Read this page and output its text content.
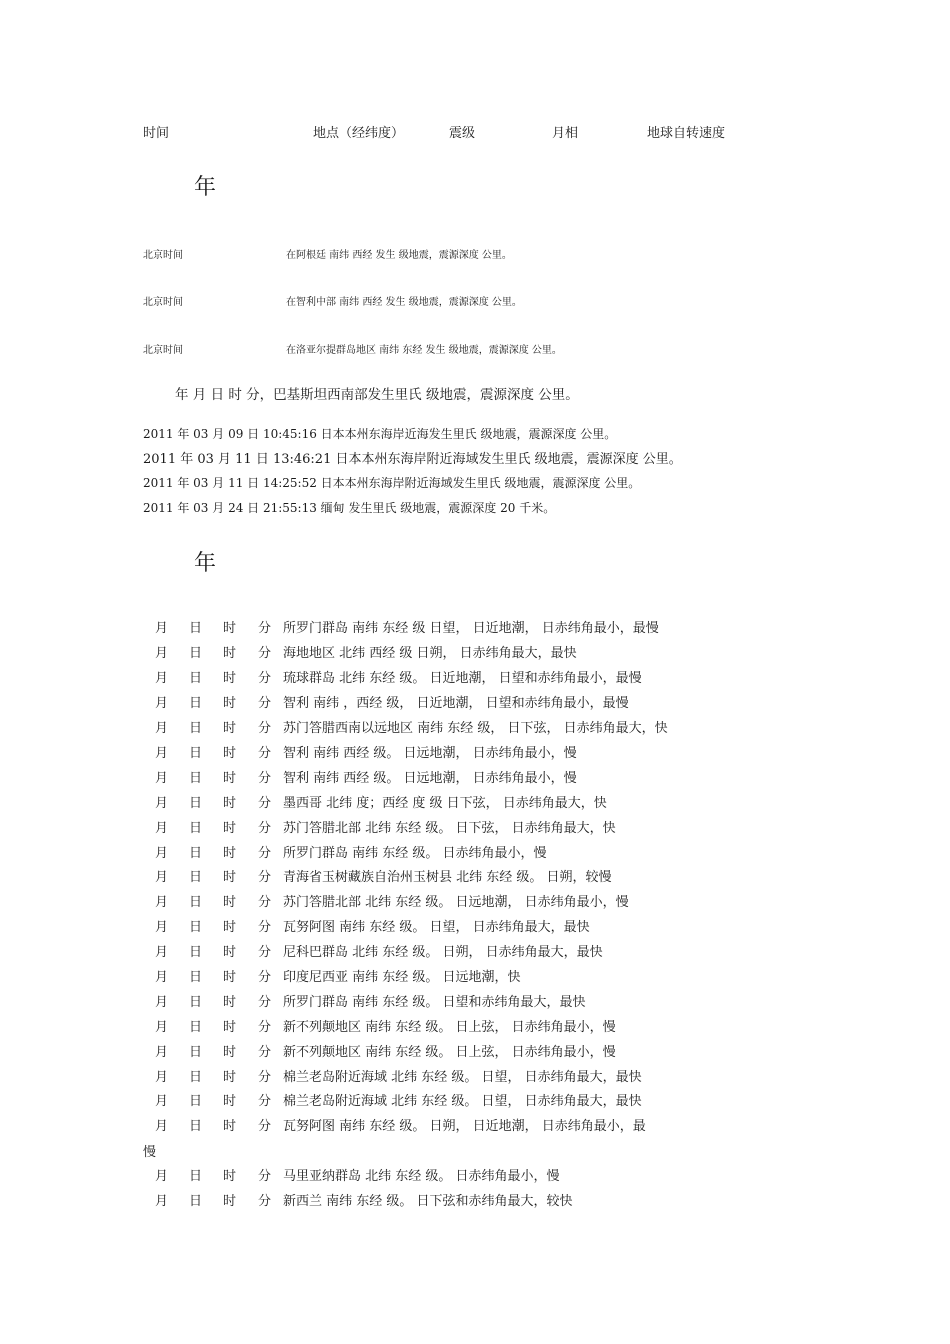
时间	地点（经纬度）	震级	月相	地球自转速度
年
北京时间	在阿根廷 南纬 西经 发生 级地震，震源深度 公里。
北京时间	在智利中部 南纬 西经 发生 级地震，震源深度 公里。
北京时间	在洛亚尔提群岛地区 南纬 东经 发生 级地震，震源深度 公里。
年 月 日 时 分，巴基斯坦西南部发生里氏 级地震，震源深度 公里。
2011 年 03 月 09 日 10:45:16 日本本州东海岸近海发生里氏 级地震，震源深度 公里。
2011 年 03 月 11 日 13:46:21 日本本州东海岸附近海域发生里氏 级地震，震源深度 公里。
2011 年 03 月 11 日 14:25:52 日本本州东海岸附近海域发生里氏 级地震，震源深度 公里。
2011 年 03 月 24 日 21:55:13 缅甸 发生里氏 级地震，震源深度 20 千米。
年
月 日 时 分 所罗门群岛 南纬 东经 级 日望， 日近地潮， 日赤纬角最小，最慢
月 日 时 分 海地地区 北纬 西经 级 日朔， 日赤纬角最大，最快
月 日 时 分 琉球群岛 北纬 东经 级。 日近地潮， 日望和赤纬角最小，最慢
月 日 时 分 智利 南纬 ，西经 级， 日近地潮， 日望和赤纬角最小，最慢
月 日 时 分 苏门答腊西南以远地区 南纬 东经 级， 日下弦， 日赤纬角最大，快
月 日 时 分 智利 南纬 西经 级。 日远地潮， 日赤纬角最小，慢
月 日 时 分 智利 南纬 西经 级。 日远地潮， 日赤纬角最小，慢
月 日 时 分 墨西哥 北纬 度；西经 度 级 日下弦， 日赤纬角最大，快
月 日 时 分 苏门答腊北部 北纬 东经 级。 日下弦， 日赤纬角最大，快
月 日 时 分 所罗门群岛 南纬 东经 级。 日赤纬角最小，慢
月 日 时 分 青海省玉树藏族自治州玉树县 北纬 东经 级。 日朔，较慢
月 日 时 分 苏门答腊北部 北纬 东经 级。 日远地潮， 日赤纬角最小，慢
月 日 时 分 瓦努阿图 南纬 东经 级。 日望， 日赤纬角最大，最快
月 日 时 分 尼科巴群岛 北纬 东经 级。 日朔， 日赤纬角最大，最快
月 日 时 分 印度尼西亚 南纬 东经 级。 日远地潮，快
月 日 时 分 所罗门群岛 南纬 东经 级。 日望和赤纬角最大，最快
月 日 时 分 新不列颠地区 南纬 东经 级。 日上弦， 日赤纬角最小，慢
月 日 时 分 新不列颠地区 南纬 东经 级。 日上弦， 日赤纬角最小，慢
月 日 时 分 棉兰老岛附近海域 北纬 东经 级。 日望， 日赤纬角最大，最快
月 日 时 分 棉兰老岛附近海域 北纬 东经 级。 日望， 日赤纬角最大，最快
月 日 时 分 瓦努阿图 南纬 东经 级。 日朔， 日近地潮， 日赤纬角最小，最
月 日 时 分 马里亚纳群岛 北纬 东经 级。 日赤纬角最小，慢
月 日 时 分 新西兰 南纬 东经 级。 日下弦和赤纬角最大，较快
慢
